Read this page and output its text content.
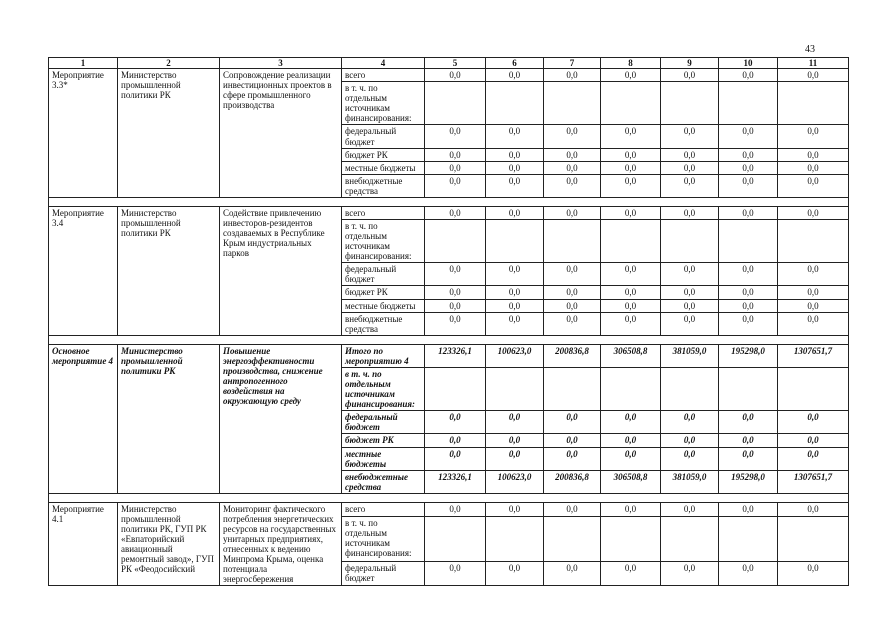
43
1	2	3	4	5	6	7	8	9	10	11
Мероприятие 3.3*	Министерство промышленной политики РК	Сопровождение реализации инвестиционных проектов в сфере промышленного производства	всего	0,0	0,0	0,0	0,0	0,0	0,0	0,0
			в т. ч. по отдельным источникам финансирования:							
			федеральный бюджет	0,0	0,0	0,0	0,0	0,0	0,0	0,0
			бюджет РК	0,0	0,0	0,0	0,0	0,0	0,0	0,0
			местные бюджеты	0,0	0,0	0,0	0,0	0,0	0,0	0,0
			внебюджетные средства	0,0	0,0	0,0	0,0	0,0	0,0	0,0

Мероприятие 3.4	Министерство промышленной политики РК	Содействие привлечению инвесторов-резидентов создаваемых в Республике Крым индустриальных парков	всего	0,0	0,0	0,0	0,0	0,0	0,0	0,0
			в т. ч. по отдельным источникам финансирования:							
			федеральный бюджет	0,0	0,0	0,0	0,0	0,0	0,0	0,0
			бюджет РК	0,0	0,0	0,0	0,0	0,0	0,0	0,0
			местные бюджеты	0,0	0,0	0,0	0,0	0,0	0,0	0,0
			внебюджетные средства	0,0	0,0	0,0	0,0	0,0	0,0	0,0

Основное мероприятие 4	Министерство промышленной политики РК	Повышение энергоэффективности производства, снижение антропогенного воздействия на окружающую среду	Итого по мероприятию 4	123326,1	100623,0	200836,8	306508,8	381059,0	195298,0	1307651,7
			в т. ч. по отдельным источникам финансирования:							
			федеральный бюджет	0,0	0,0	0,0	0,0	0,0	0,0	0,0
			бюджет РК	0,0	0,0	0,0	0,0	0,0	0,0	0,0
			местные бюджеты	0,0	0,0	0,0	0,0	0,0	0,0	0,0
			внебюджетные средства	123326,1	100623,0	200836,8	306508,8	381059,0	195298,0	1307651,7

Мероприятие 4.1	Министерство промышленной политики РК, ГУП РК «Евпаторийский авиационный ремонтный завод», ГУП РК «Феодосийский	Мониторинг фактического потребления энергетических ресурсов на государственных унитарных предприятиях, отнесенных к ведению Минпрома Крыма, оценка потенциала энергосбережения	всего	0,0	0,0	0,0	0,0	0,0	0,0	0,0
			в т. ч. по отдельным источникам финансирования:							
			федеральный бюджет	0,0	0,0	0,0	0,0	0,0	0,0	0,0
